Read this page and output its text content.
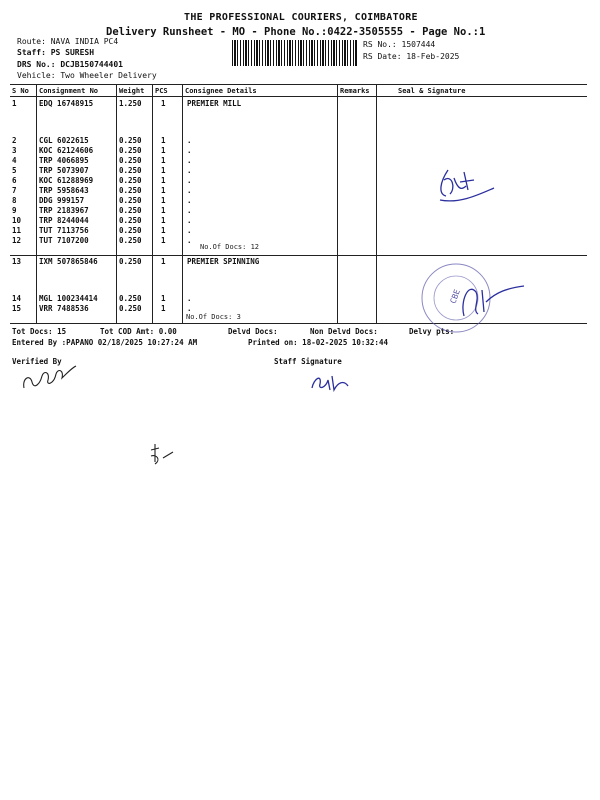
THE PROFESSIONAL COURIERS, COIMBATORE
Delivery Runsheet - MO - Phone No.:0422-3505555 - Page No.:1
Route: NAVA INDIA PC4
Staff: PS SURESH
DRS No.: DCJB150744401
Vehicle: Two Wheeler Delivery
RS No.: 1507444
RS Date: 18-Feb-2025
S No Consignment No	Weight PCS Consignee Details	Remarks	Seal & Signature
1	EDQ 16748915	1.250	1	PREMIER MILL
2	CGL 6022615	0.250	1	.
3	KOC 62124606	0.250	1	.
4	TRP 4066895	0.250	1	.
5	TRP 5073907	0.250	1	.
6	KOC 61288969	0.250	1	.
7	TRP 5958643	0.250	1	.
8	DDG 999157	0.250	1	.
9	TRP 2183967	0.250	1	.
10 TRP 8244044	0.250	1	.
11 TUT 7113756	0.250	1	.
12 TUT 7107200	0.250	1	.
13 IXM 507865846	0.250	1	PREMIER SPINNING
14 MGL 100234414	0.250	1	.
15 VRR 7488536	0.250	1	.
No.Of Docs: 12
No.Of Docs: 3
Tot Docs: 15	Tot COD Amt: 0.00	Delvd Docs:	Non Delvd Docs:	Delvy pts:
Entered By :PAPANO 02/18/2025 10:27:24 AM	Printed on: 18-02-2025 10:32:44
Verified By	Staff Signature
CBE
